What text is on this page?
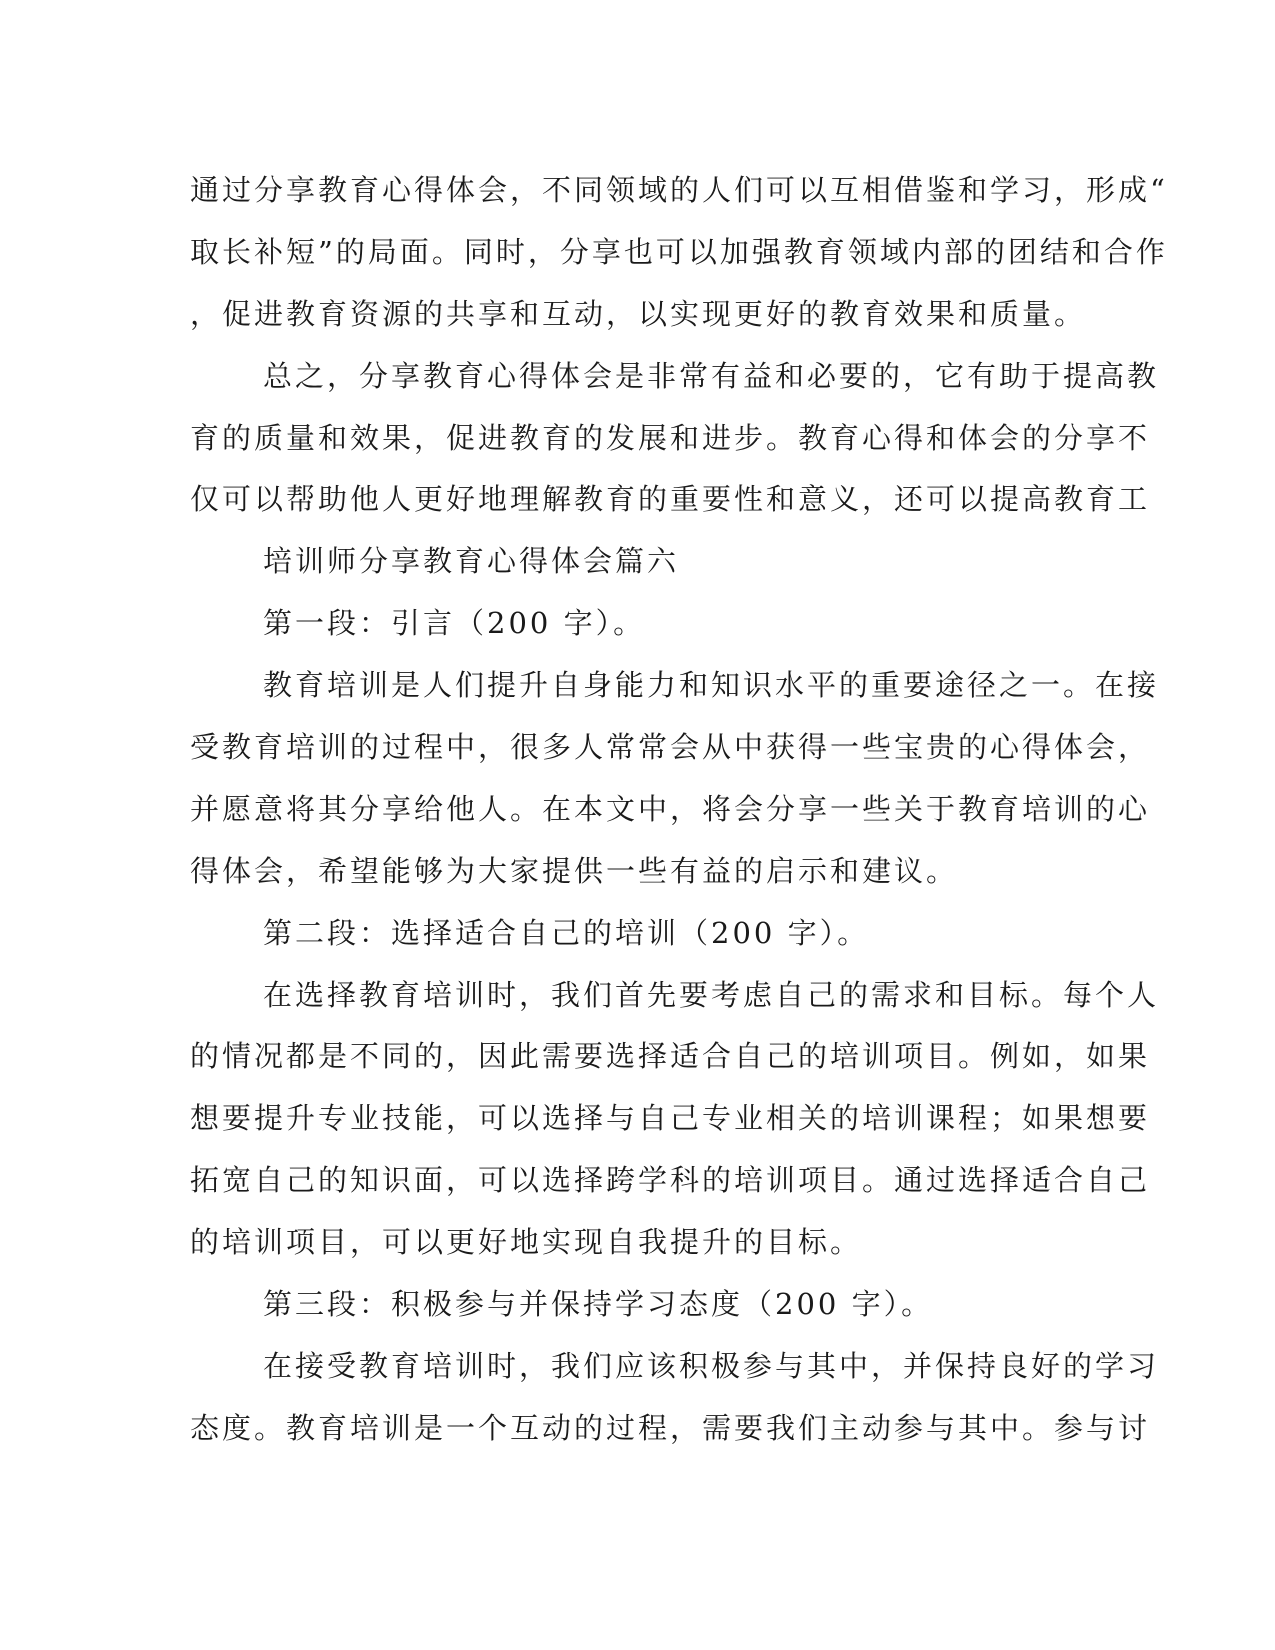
通过分享教育心得体会，不同领域的人们可以互相借鉴和学习，形成“

取长补短”的局面。同时，分享也可以加强教育领域内部的团结和合作

，促进教育资源的共享和互动，以实现更好的教育效果和质量。

总之，分享教育心得体会是非常有益和必要的，它有助于提高教

育的质量和效果，促进教育的发展和进步。教育心得和体会的分享不

仅可以帮助他人更好地理解教育的重要性和意义，还可以提高教育工

培训师分享教育心得体会篇六

第一段：引言（200 字）。

教育培训是人们提升自身能力和知识水平的重要途径之一。在接

受教育培训的过程中，很多人常常会从中获得一些宝贵的心得体会，

并愿意将其分享给他人。在本文中，将会分享一些关于教育培训的心

得体会，希望能够为大家提供一些有益的启示和建议。

第二段：选择适合自己的培训（200 字）。

在选择教育培训时，我们首先要考虑自己的需求和目标。每个人

的情况都是不同的，因此需要选择适合自己的培训项目。例如，如果

想要提升专业技能，可以选择与自己专业相关的培训课程；如果想要

拓宽自己的知识面，可以选择跨学科的培训项目。通过选择适合自己

的培训项目，可以更好地实现自我提升的目标。

第三段：积极参与并保持学习态度（200 字）。

在接受教育培训时，我们应该积极参与其中，并保持良好的学习

态度。教育培训是一个互动的过程，需要我们主动参与其中。参与讨
